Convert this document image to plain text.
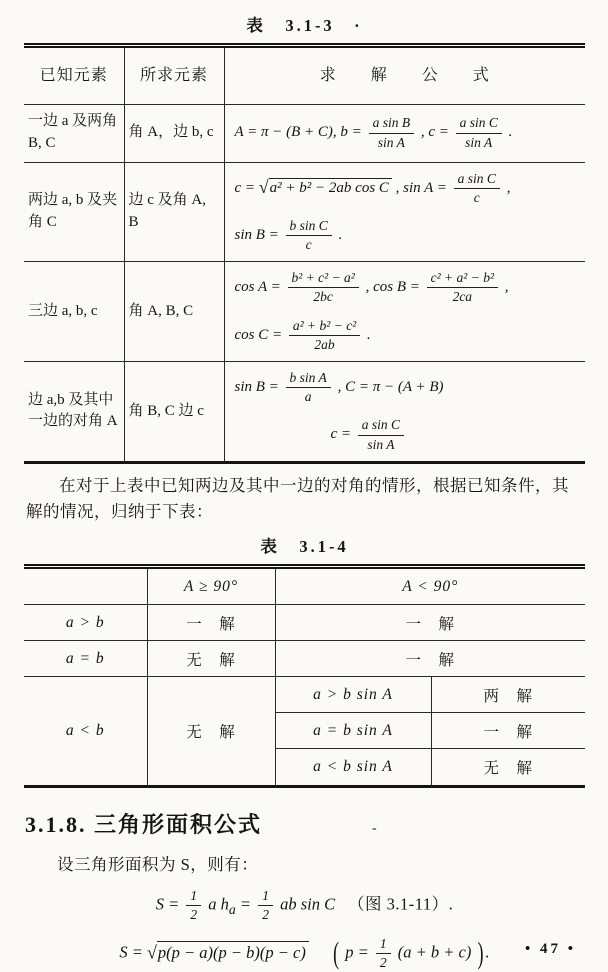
表　3.1-3　·
已知元素	所求元素	求　　解　　公　　式
一边 a 及两角 B, C	角 A，边 b, c	A = π − (B + C), $b = \frac{\text{a sin B}}{\text{sin A}}$ , $c = \frac{\text{a sin C}}{\text{sin A}}$ .

两边 a, b 及夹角 C	边 c 及角 A, B	
c = √a² + b² − 2ab cos C , $\sin A = \frac{\text{a sin C}}{c}$ ,
$\sin B = \frac{\text{b sin C}}{c}$ .

三边 a, b, c	角 A, B, C	
$\cos A = \frac{\text{b² + c² − a²}}{2bc}$ , $\cos B = \frac{\text{c² + a² − b²}}{2ca}$ ,
$\cos C = \frac{\text{a² + b² − c²}}{2ab}$ .

边 a,b 及其中一边的对角 A	角 B, C 边 c	
$\sin B = \frac{\text{b sin A}}{a}$ , C = π − (A + B)
$c = \frac{\text{a sin C}}{\text{sin A}}$

在对于上表中已知两边及其中一边的对角的情形，根据已知条件，其解的情况，归纳于下表：

表　3.1-4
	A ≥ 90°	A < 90°	
a > b	一　解	一　解	
a = b	无　解	一　解	
a < b	无　解	a > b sin A	两　解
		a = b sin A	一　解
		a < b sin A	无　解
3.1.8. 三角形面积公式	-

设三角形面积为 S，则有：

$S = \frac{1}{2}$ a $h_a = \frac{1}{2}$ ab sin C 　（图 3.1-11）.
S = √p(p − a)(p − b)(p − c) ( $p = \frac{1}{2} (a + b + c)$ ) .	• 47 •
